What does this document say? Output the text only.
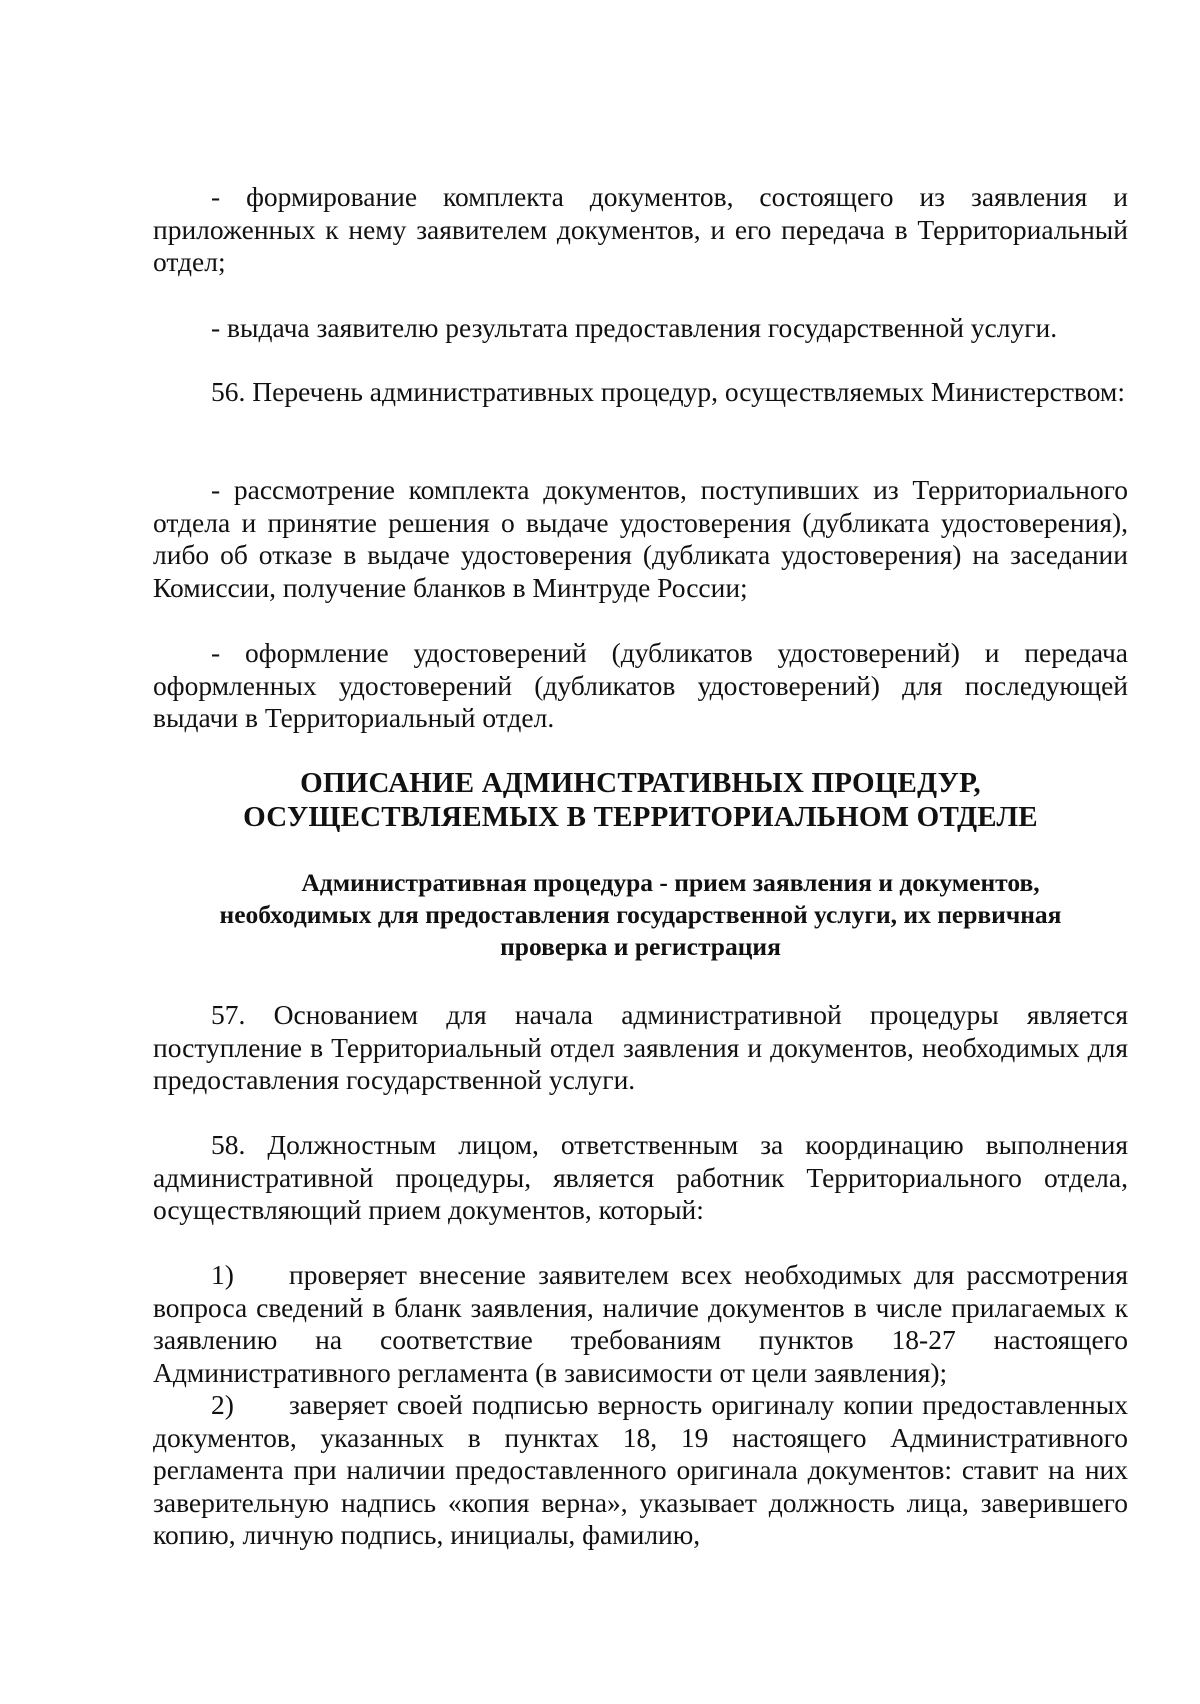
- формирование комплекта документов, состоящего из заявления и приложенных к нему заявителем документов, и его передача в Территориальный отдел;

- выдача заявителю результата предоставления государственной услуги.

56. Перечень административных процедур, осуществляемых Министерством:

- рассмотрение комплекта документов, поступивших из Территориального отдела и принятие решения о выдаче удостоверения (дубликата удостоверения), либо об отказе в выдаче удостоверения (дубликата удостоверения) на заседании Комиссии, получение бланков в Минтруде России;

- оформление удостоверений (дубликатов удостоверений) и передача оформленных удостоверений (дубликатов удостоверений) для последующей выдачи в Территориальный отдел.

ОПИСАНИЕ АДМИНСТРАТИВНЫХ ПРОЦЕДУР,
ОСУЩЕСТВЛЯЕМЫХ В ТЕРРИТОРИАЛЬНОМ ОТДЕЛЕ
Административная процедура - прием заявления и документов,
необходимых для предоставления государственной услуги, их первичная
проверка и регистрация

57. Основанием для начала административной процедуры является поступление в Территориальный отдел заявления и документов, необходимых для предоставления государственной услуги.

58. Должностным лицом, ответственным за координацию выполнения административной процедуры, является работник Территориального отдела, осуществляющий прием документов, который:

1) проверяет внесение заявителем всех необходимых для рассмотрения вопроса сведений в бланк заявления, наличие документов в числе прилагаемых к заявлению на соответствие требованиям пунктов 18-27 настоящего Административного регламента (в зависимости от цели заявления);

2) заверяет своей подписью верность оригиналу копии предоставленных документов, указанных в пунктах 18, 19 настоящего Административного регламента при наличии предоставленного оригинала документов: ставит на них заверительную надпись «копия верна», указывает должность лица, заверившего копию, личную подпись, инициалы, фамилию,
